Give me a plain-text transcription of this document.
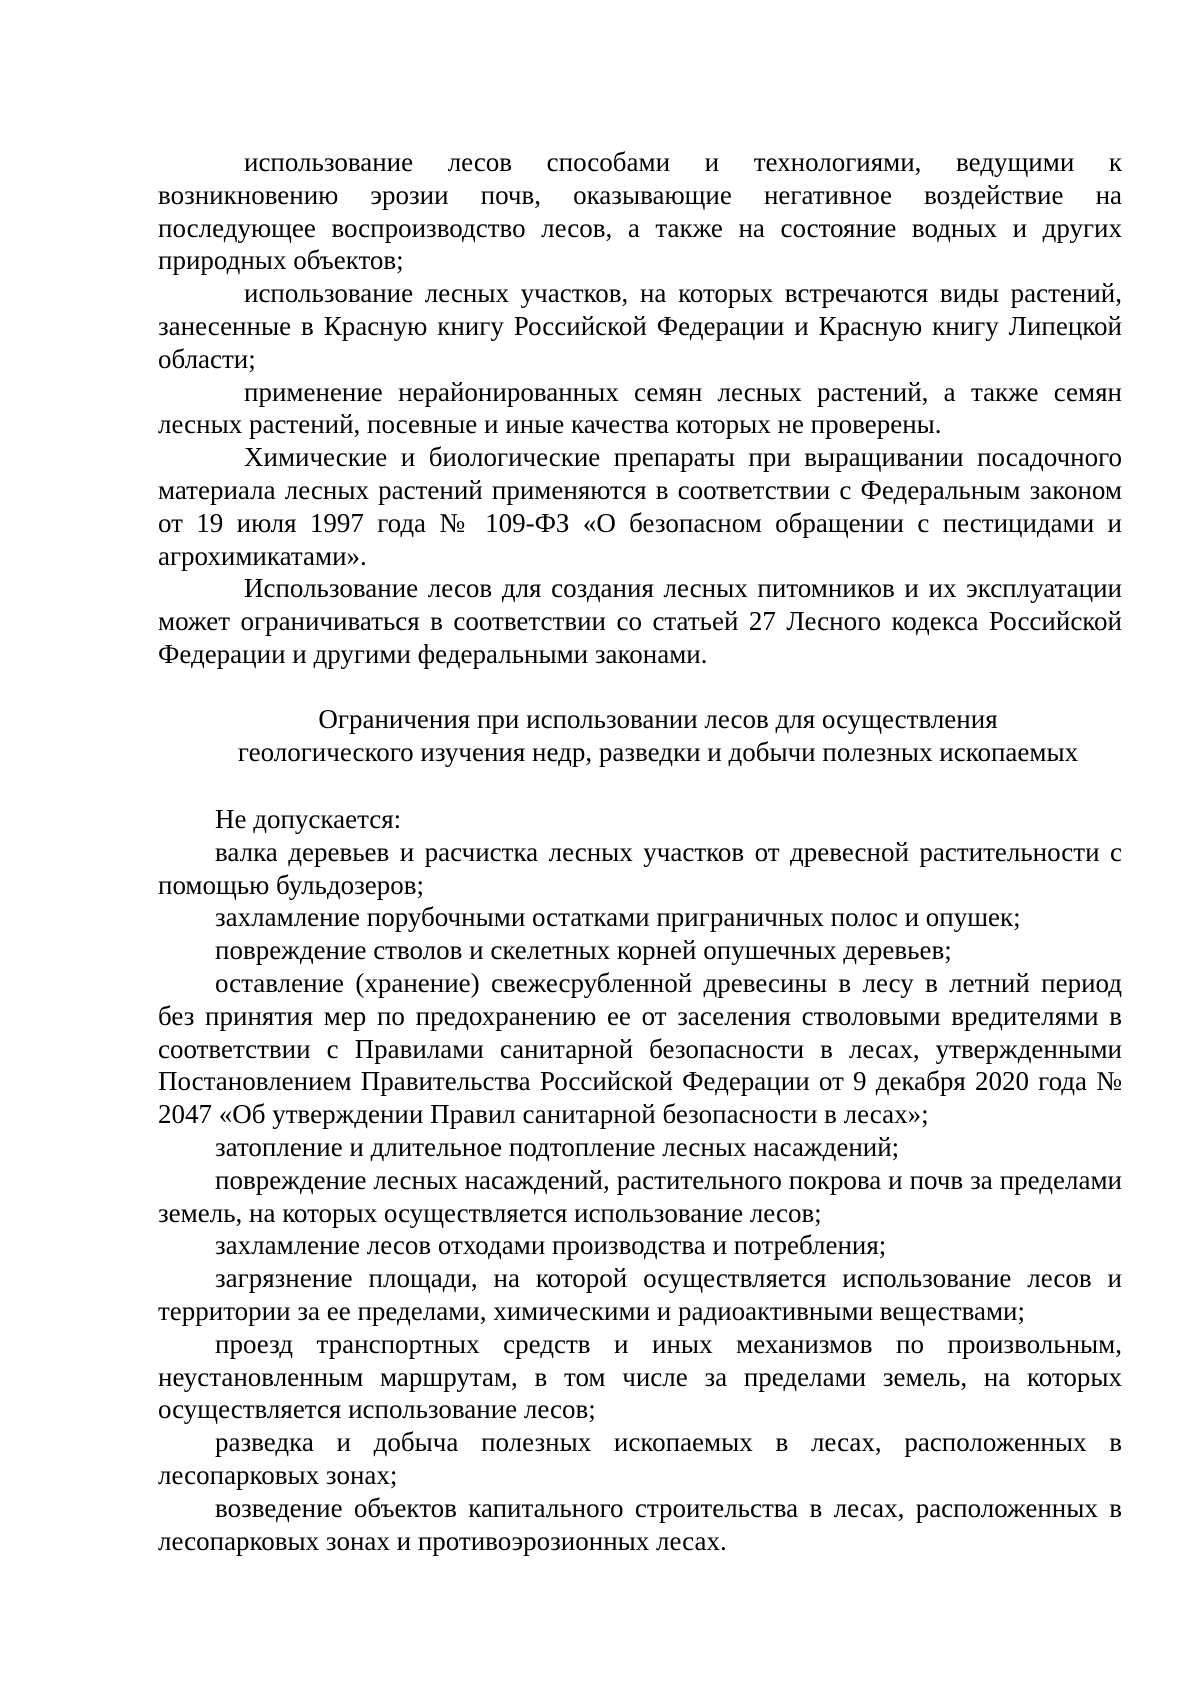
использование лесов способами и технологиями, ведущими к возникновению эрозии почв, оказывающие негативное воздействие на последующее воспроизводство лесов, а также на состояние водных и других природных объектов;

использование лесных участков, на которых встречаются виды растений, занесенные в Красную книгу Российской Федерации и Красную книгу Липецкой области;

применение нерайонированных семян лесных растений, а также семян лесных растений, посевные и иные качества которых не проверены.

Химические и биологические препараты при выращивании посадочного материала лесных растений применяются в соответствии с Федеральным законом от 19 июля 1997 года № 109-ФЗ «О безопасном обращении с пестицидами и агрохимикатами».

Использование лесов для создания лесных питомников и их эксплуатации может ограничиваться в соответствии со статьей 27 Лесного кодекса Российской Федерации и другими федеральными законами.

Ограничения при использовании лесов для осуществления
геологического изучения недр, разведки и добычи полезных ископаемых

Не допускается:

валка деревьев и расчистка лесных участков от древесной растительности с помощью бульдозеров;

захламление порубочными остатками приграничных полос и опушек;

повреждение стволов и скелетных корней опушечных деревьев;

оставление (хранение) свежесрубленной древесины в лесу в летний период без принятия мер по предохранению ее от заселения стволовыми вредителями в соответствии с Правилами санитарной безопасности в лесах, утвержденными Постановлением Правительства Российской Федерации от 9 декабря 2020 года № 2047 «Об утверждении Правил санитарной безопасности в лесах»;

затопление и длительное подтопление лесных насаждений;

повреждение лесных насаждений, растительного покрова и почв за пределами земель, на которых осуществляется использование лесов;

захламление лесов отходами производства и потребления;

загрязнение площади, на которой осуществляется использование лесов и территории за ее пределами, химическими и радиоактивными веществами;

проезд транспортных средств и иных механизмов по произвольным, неустановленным маршрутам, в том числе за пределами земель, на которых осуществляется использование лесов;

разведка и добыча полезных ископаемых в лесах, расположенных в лесопарковых зонах;

возведение объектов капитального строительства в лесах, расположенных в лесопарковых зонах и противоэрозионных лесах.
